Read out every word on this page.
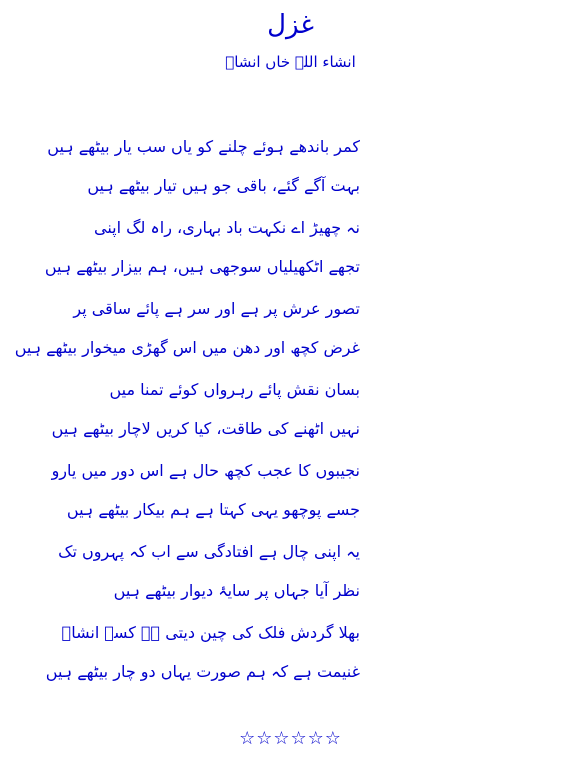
غزل
انشاء اللہ خاں انشاؔ
کمر باندھے ہوئے چلنے کو یاں سب یار بیٹھے ہیں
بہت آگے گئے، باقی جو ہیں تیار بیٹھے ہیں
نہ چھیڑ اے نکہت باد بہاری، راہ لگ اپنی
تجھے اٹکھیلیاں سوجھی ہیں، ہم بیزار بیٹھے ہیں
تصور عرش پر ہے اور سر ہے پائے ساقی پر
غرض کچھ اور دھن میں اس گھڑی میخوار بیٹھے ہیں
بسان نقش پائے رہرواں کوئے تمنا میں
نہیں اٹھنے کی طاقت، کیا کریں لاچار بیٹھے ہیں
نجیبوں کا عجب کچھ حال ہے اس دور میں یارو
جسے پوچھو یہی کہتا ہے ہم بیکار بیٹھے ہیں
یہ اپنی چال ہے افتادگی سے اب کہ پہروں تک
نظر آیا جہاں پر سایۂ دیوار بیٹھے ہیں
بھلا گردش فلک کی چین دیتی ہے کسے انشاؔ
غنیمت ہے کہ ہم صورت یہاں دو چار بیٹھے ہیں
☆☆☆☆☆☆
